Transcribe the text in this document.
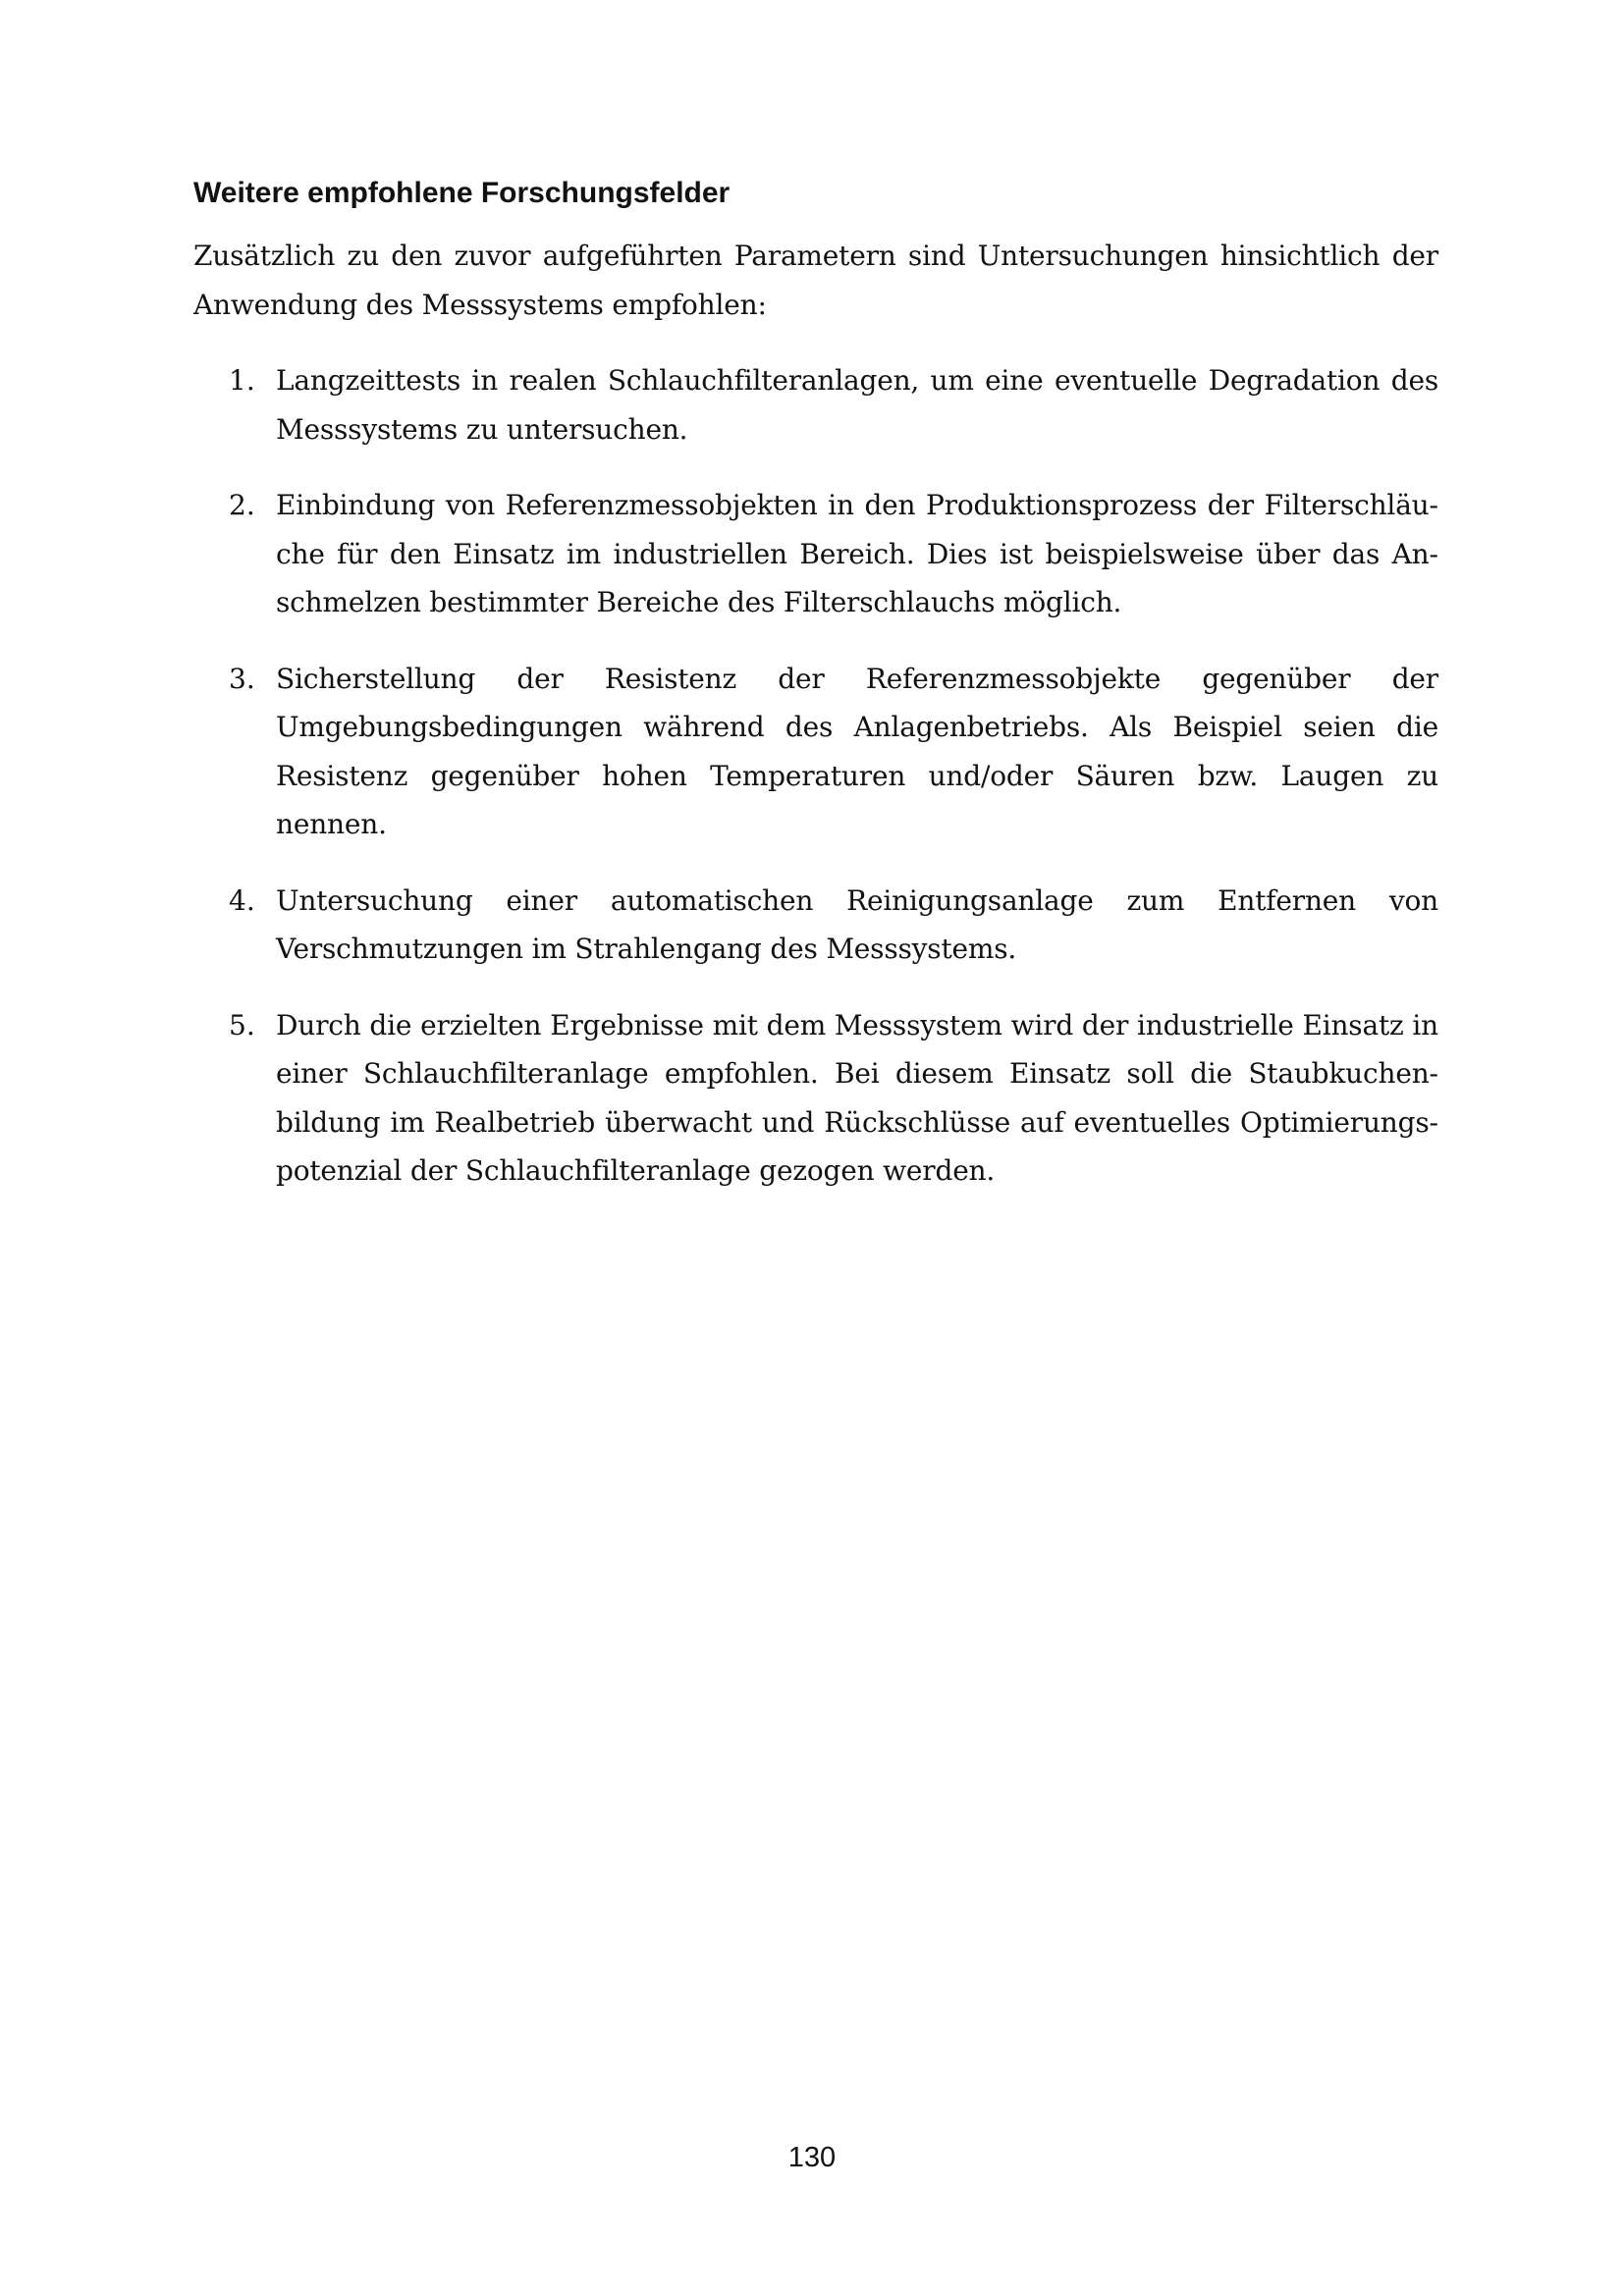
Weitere empfohlene Forschungsfelder

Zusätzlich zu den zuvor aufgeführten Parametern sind Untersuchungen hinsichtlich der Anwendung des Messsystems empfohlen:

1. Langzeittests in realen Schlauchfilteranlagen, um eine eventuelle Degradation des Messsystems zu untersuchen.

2. Einbindung von Referenzmessobjekten in den Produktionsprozess der Filterschläuche für den Einsatz im industriellen Bereich. Dies ist beispielsweise über das Anschmelzen bestimmter Bereiche des Filterschlauchs möglich.

3. Sicherstellung der Resistenz der Referenzmessobjekte gegenüber der Umgebungsbedingungen während des Anlagenbetriebs. Als Beispiel seien die Resistenz gegenüber hohen Temperaturen und/oder Säuren bzw. Laugen zu nennen.

4. Untersuchung einer automatischen Reinigungsanlage zum Entfernen von Verschmutzungen im Strahlengang des Messsystems.

5. Durch die erzielten Ergebnisse mit dem Messsystem wird der industrielle Einsatz in einer Schlauchfilteranlage empfohlen. Bei diesem Einsatz soll die Staubkuchenbildung im Realbetrieb überwacht und Rückschlüsse auf eventuelles Optimierungspotenzial der Schlauchfilteranlage gezogen werden.

130
